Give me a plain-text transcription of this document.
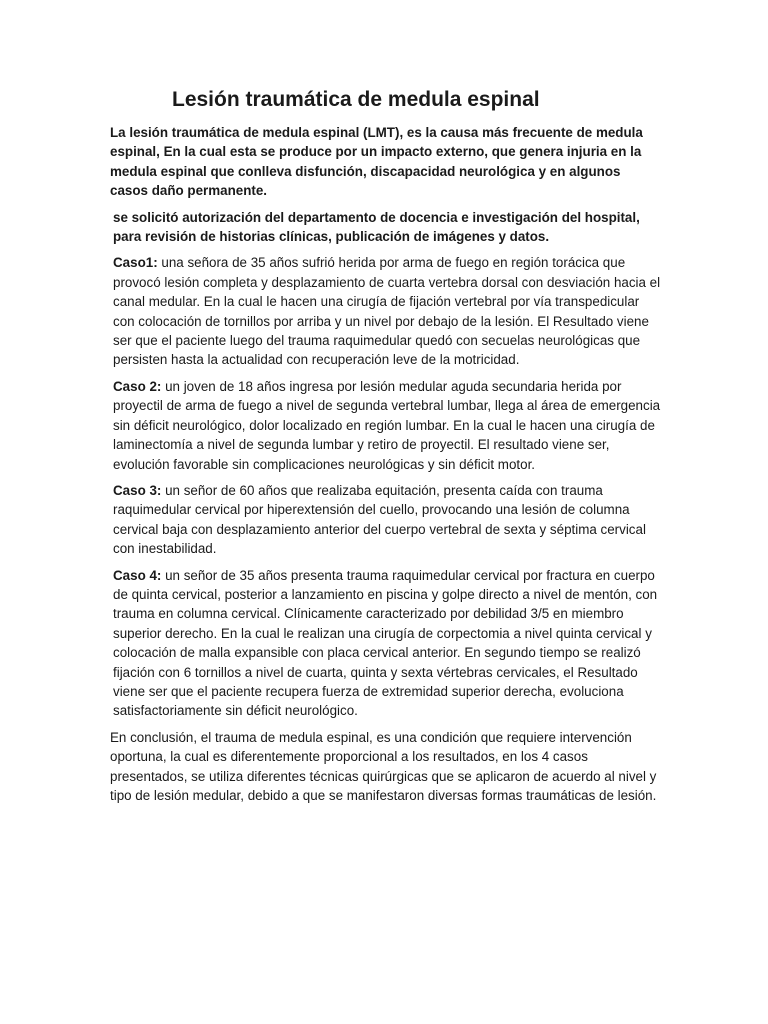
Lesión traumática de medula espinal

La lesión traumática de medula espinal (LMT), es la causa más frecuente de medula espinal, En la cual esta se produce por un impacto externo, que genera injuria en la medula espinal que conlleva disfunción, discapacidad neurológica y en algunos casos daño permanente.

se solicitó autorización del departamento de docencia e investigación del hospital, para revisión de historias clínicas, publicación de imágenes y datos.

Caso1: una señora de 35 años sufrió herida por arma de fuego en región torácica que provocó lesión completa y desplazamiento de cuarta vertebra dorsal con desviación hacia el canal medular. En la cual le hacen una cirugía de fijación vertebral por vía transpedicular con colocación de tornillos por arriba y un nivel por debajo de la lesión. El Resultado viene ser que el paciente luego del trauma raquimedular quedó con secuelas neurológicas que persisten hasta la actualidad con recuperación leve de la motricidad.

Caso 2: un joven de 18 años ingresa por lesión medular aguda secundaria herida por proyectil de arma de fuego a nivel de segunda vertebral lumbar, llega al área de emergencia sin déficit neurológico, dolor localizado en región lumbar. En la cual le hacen una cirugía de laminectomía a nivel de segunda lumbar y retiro de proyectil. El resultado viene ser, evolución favorable sin complicaciones neurológicas y sin déficit motor.

Caso 3: un señor de 60 años que realizaba equitación, presenta caída con trauma raquimedular cervical por hiperextensión del cuello, provocando una lesión de columna cervical baja con desplazamiento anterior del cuerpo vertebral de sexta y séptima cervical con inestabilidad.

Caso 4: un señor de 35 años presenta trauma raquimedular cervical por fractura en cuerpo de quinta cervical, posterior a lanzamiento en piscina y golpe directo a nivel de mentón, con trauma en columna cervical. Clínicamente caracterizado por debilidad 3/5 en miembro superior derecho. En la cual le realizan una cirugía de corpectomia a nivel quinta cervical y colocación de malla expansible con placa cervical anterior. En segundo tiempo se realizó fijación con 6 tornillos a nivel de cuarta, quinta y sexta vértebras cervicales, el Resultado viene ser que el paciente recupera fuerza de extremidad superior derecha, evoluciona satisfactoriamente sin déficit neurológico.

En conclusión, el trauma de medula espinal, es una condición que requiere intervención oportuna, la cual es diferentemente proporcional a los resultados, en los 4 casos presentados, se utiliza diferentes técnicas quirúrgicas que se aplicaron de acuerdo al nivel y tipo de lesión medular, debido a que se manifestaron diversas formas traumáticas de lesión.
